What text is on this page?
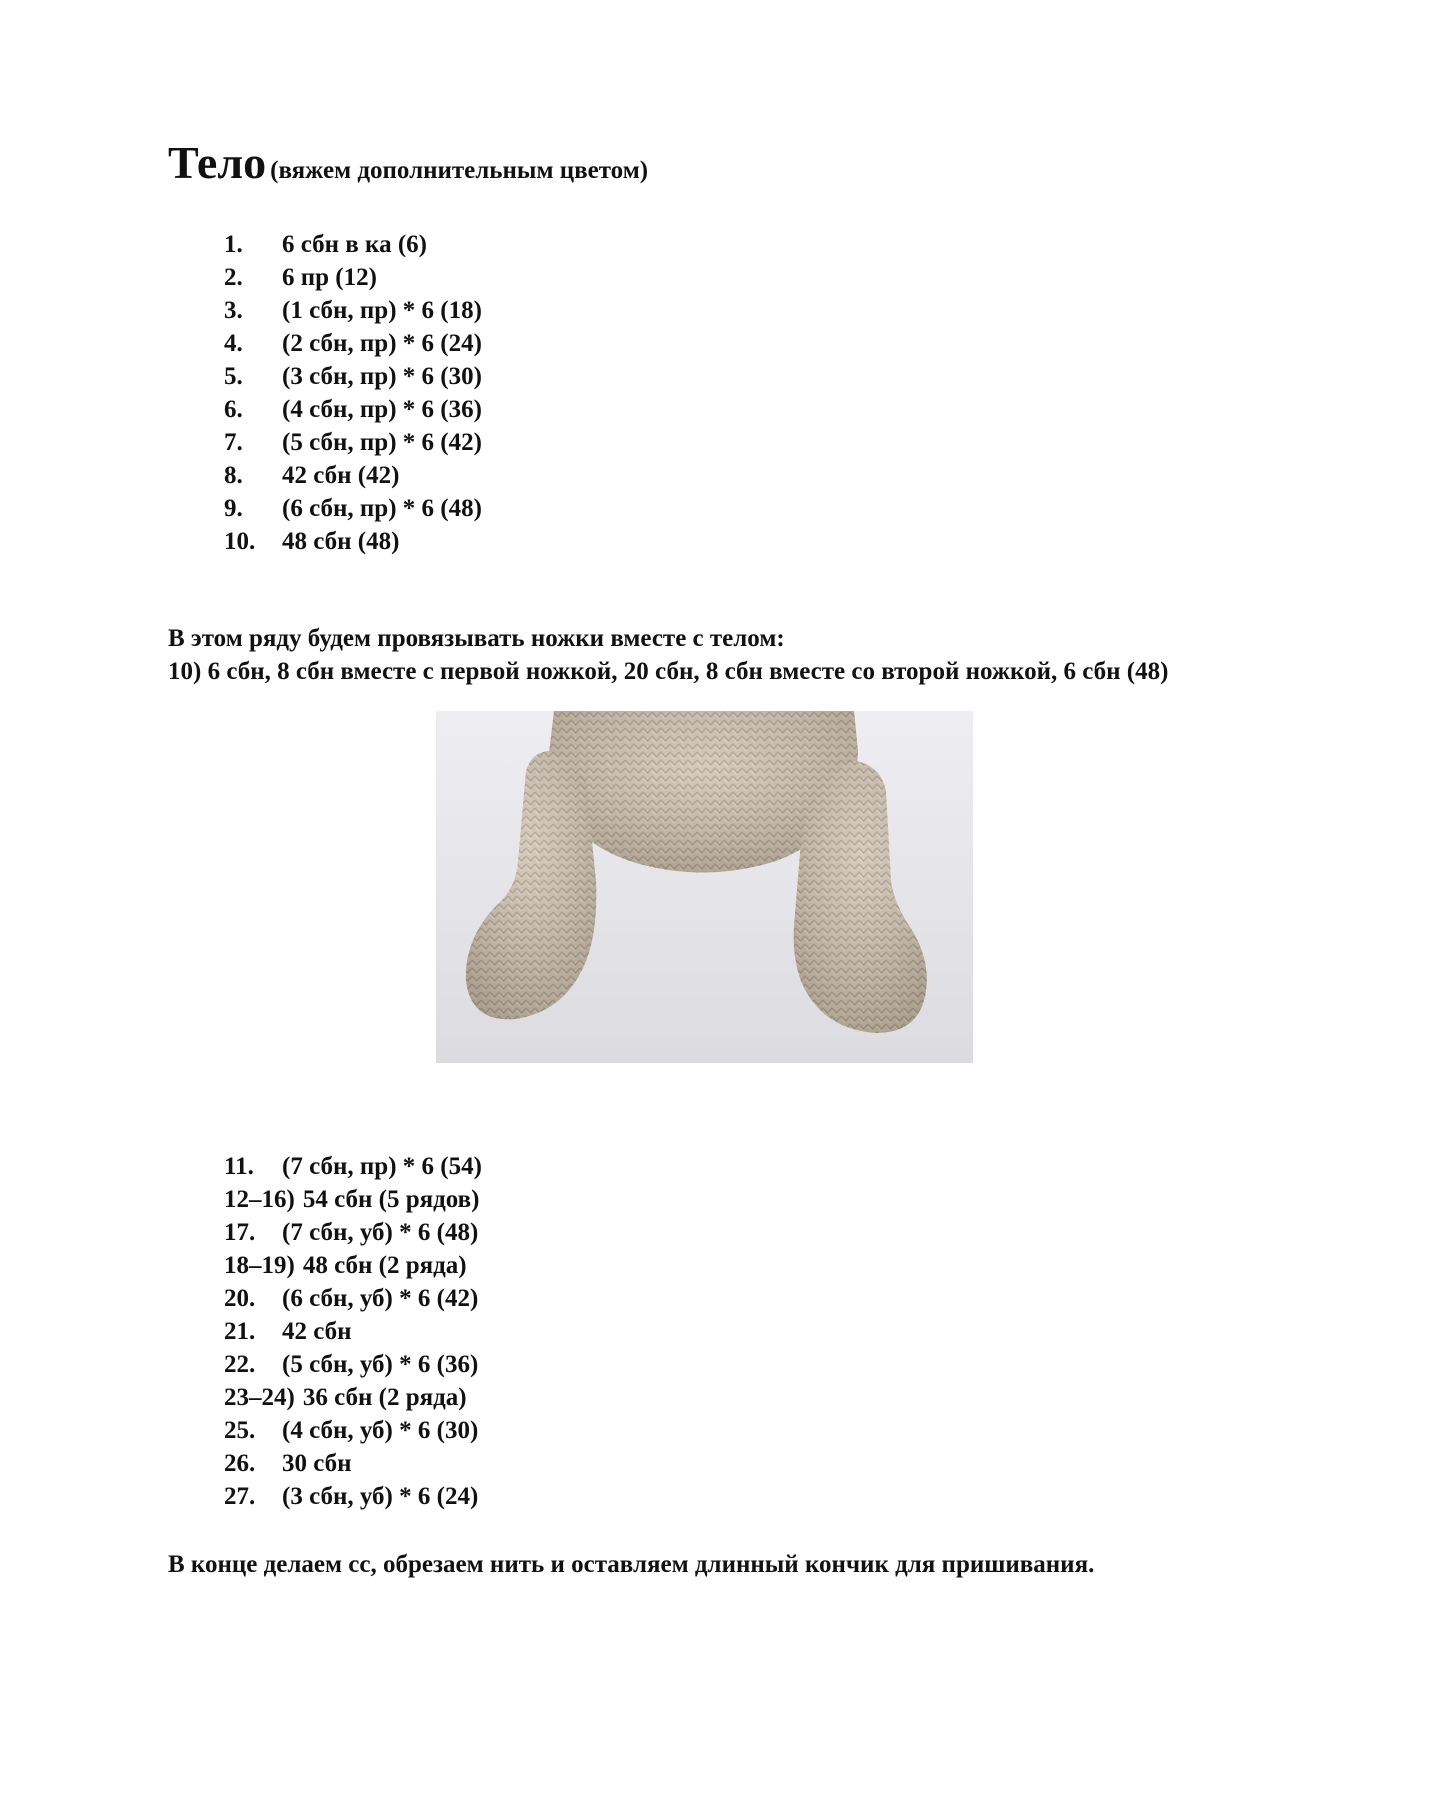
Тело (вяжем дополнительным цветом)
1.	6 сбн в ка (6)
2.	6 пр (12)
3.	(1 сбн, пр) * 6 (18)
4.	(2 сбн, пр) * 6 (24)
5.	(3 сбн, пр) * 6 (30)
6.	(4 сбн, пр) * 6 (36)
7.	(5 сбн, пр) * 6 (42)
8.	42 сбн (42)
9.	(6 сбн, пр) * 6 (48)
10.	48 сбн (48)
В этом ряду будем провязывать ножки вместе с телом:
10) 6 сбн, 8 сбн вместе с первой ножкой, 20 сбн, 8 сбн вместе со второй ножкой, 6 сбн (48)
11.	(7 сбн, пр) * 6 (54)
12–16) 54 сбн (5 рядов)
17.	(7 сбн, уб) * 6 (48)
18–19) 48 сбн (2 ряда)
20.	(6 сбн, уб) * 6 (42)
21.	42 сбн
22.	(5 сбн, уб) * 6 (36)
23–24) 36 сбн (2 ряда)
25.	(4 сбн, уб) * 6 (30)
26.	30 сбн
27.	(3 сбн, уб) * 6 (24)
В конце делаем сс, обрезаем нить и оставляем длинный кончик для пришивания.
